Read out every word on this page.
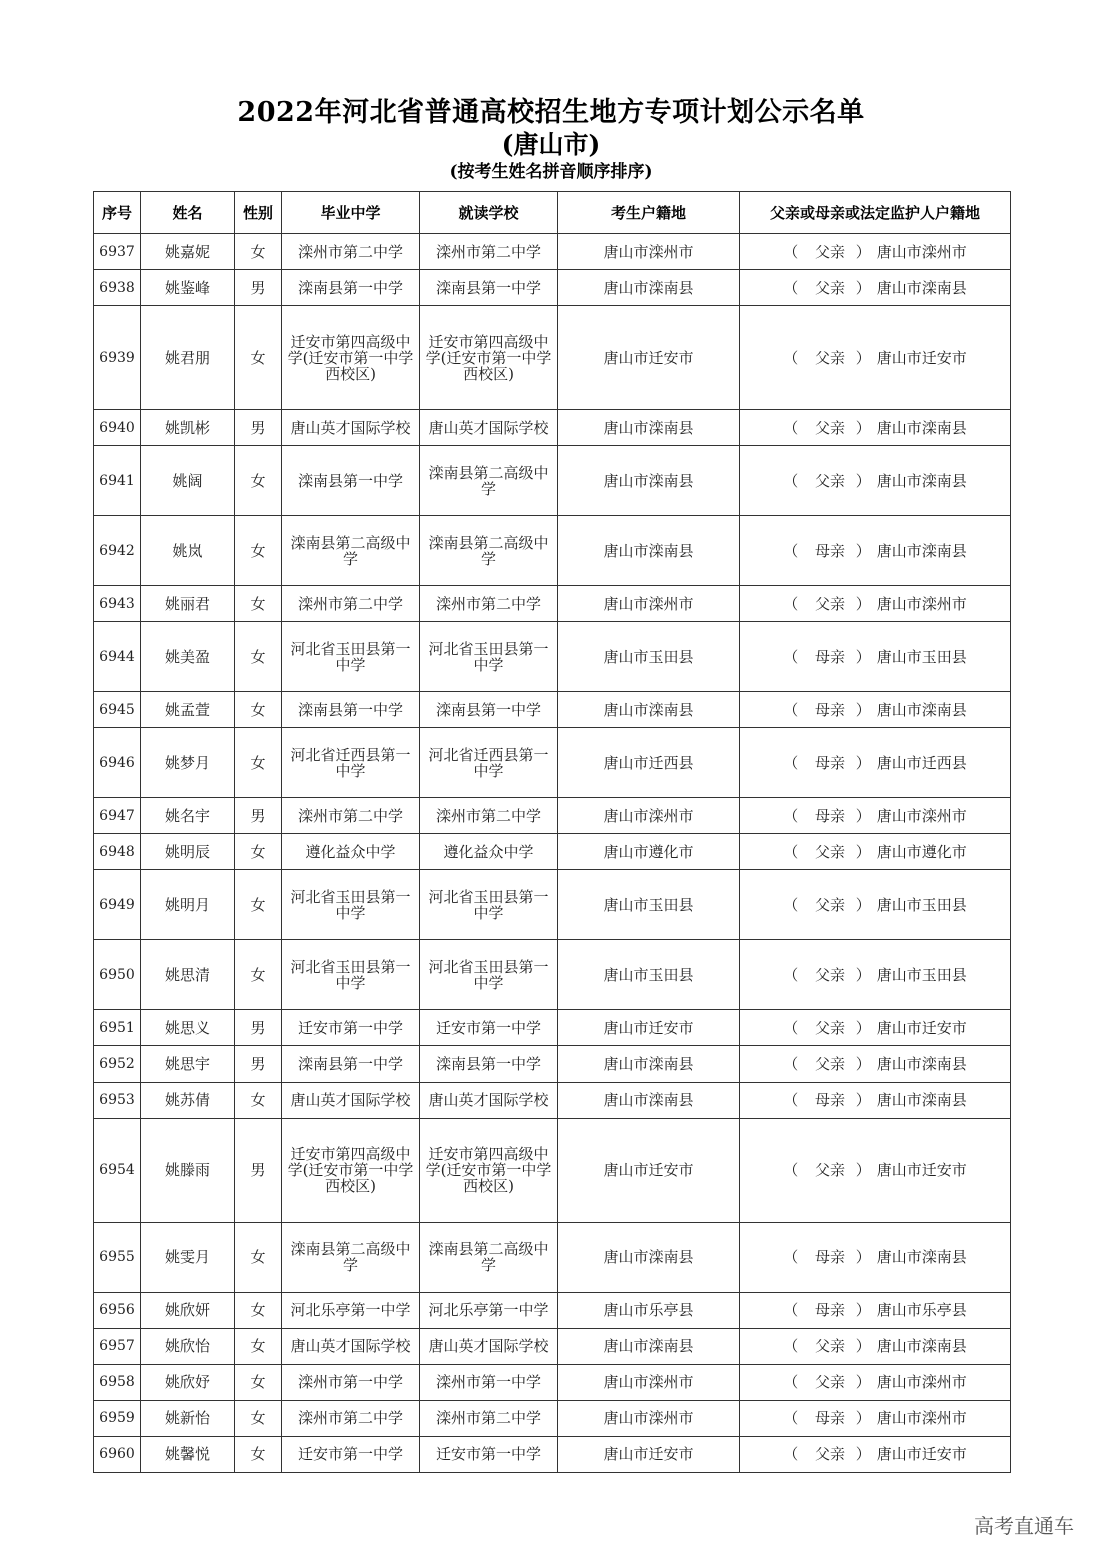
2022年河北省普通高校招生地方专项计划公示名单
(唐山市)
(按考生姓名拼音顺序排序)
序号	姓名	性别	毕业中学	就读学校	考生户籍地	父亲或母亲或法定监护人户籍地
6937	姚嘉妮	女	滦州市第二中学	滦州市第二中学	唐山市滦州市	（ 父亲 ）唐山市滦州市
6938	姚鉴峰	男	滦南县第一中学	滦南县第一中学	唐山市滦南县	（ 父亲 ）唐山市滦南县
6939	姚君朋	女	迁安市第四高级中学(迁安市第一中学西校区)	迁安市第四高级中学(迁安市第一中学西校区)	唐山市迁安市	（ 父亲 ）唐山市迁安市
6940	姚凯彬	男	唐山英才国际学校	唐山英才国际学校	唐山市滦南县	（ 父亲 ）唐山市滦南县
6941	姚阔	女	滦南县第一中学	滦南县第二高级中学	唐山市滦南县	（ 父亲 ）唐山市滦南县
6942	姚岚	女	滦南县第二高级中学	滦南县第二高级中学	唐山市滦南县	（ 母亲 ）唐山市滦南县
6943	姚丽君	女	滦州市第二中学	滦州市第二中学	唐山市滦州市	（ 父亲 ）唐山市滦州市
6944	姚美盈	女	河北省玉田县第一中学	河北省玉田县第一中学	唐山市玉田县	（ 母亲 ）唐山市玉田县
6945	姚孟萱	女	滦南县第一中学	滦南县第一中学	唐山市滦南县	（ 母亲 ）唐山市滦南县
6946	姚梦月	女	河北省迁西县第一中学	河北省迁西县第一中学	唐山市迁西县	（ 母亲 ）唐山市迁西县
6947	姚名宇	男	滦州市第二中学	滦州市第二中学	唐山市滦州市	（ 母亲 ）唐山市滦州市
6948	姚明辰	女	遵化益众中学	遵化益众中学	唐山市遵化市	（ 父亲 ）唐山市遵化市
6949	姚明月	女	河北省玉田县第一中学	河北省玉田县第一中学	唐山市玉田县	（ 父亲 ）唐山市玉田县
6950	姚思清	女	河北省玉田县第一中学	河北省玉田县第一中学	唐山市玉田县	（ 父亲 ）唐山市玉田县
6951	姚思义	男	迁安市第一中学	迁安市第一中学	唐山市迁安市	（ 父亲 ）唐山市迁安市
6952	姚思宇	男	滦南县第一中学	滦南县第一中学	唐山市滦南县	（ 父亲 ）唐山市滦南县
6953	姚苏倩	女	唐山英才国际学校	唐山英才国际学校	唐山市滦南县	（ 母亲 ）唐山市滦南县
6954	姚滕雨	男	迁安市第四高级中学(迁安市第一中学西校区)	迁安市第四高级中学(迁安市第一中学西校区)	唐山市迁安市	（ 父亲 ）唐山市迁安市
6955	姚雯月	女	滦南县第二高级中学	滦南县第二高级中学	唐山市滦南县	（ 母亲 ）唐山市滦南县
6956	姚欣妍	女	河北乐亭第一中学	河北乐亭第一中学	唐山市乐亭县	（ 母亲 ）唐山市乐亭县
6957	姚欣怡	女	唐山英才国际学校	唐山英才国际学校	唐山市滦南县	（ 父亲 ）唐山市滦南县
6958	姚欣妤	女	滦州市第一中学	滦州市第一中学	唐山市滦州市	（ 父亲 ）唐山市滦州市
6959	姚新怡	女	滦州市第二中学	滦州市第二中学	唐山市滦州市	（ 母亲 ）唐山市滦州市
6960	姚馨悦	女	迁安市第一中学	迁安市第一中学	唐山市迁安市	（ 父亲 ）唐山市迁安市
高考直通车
